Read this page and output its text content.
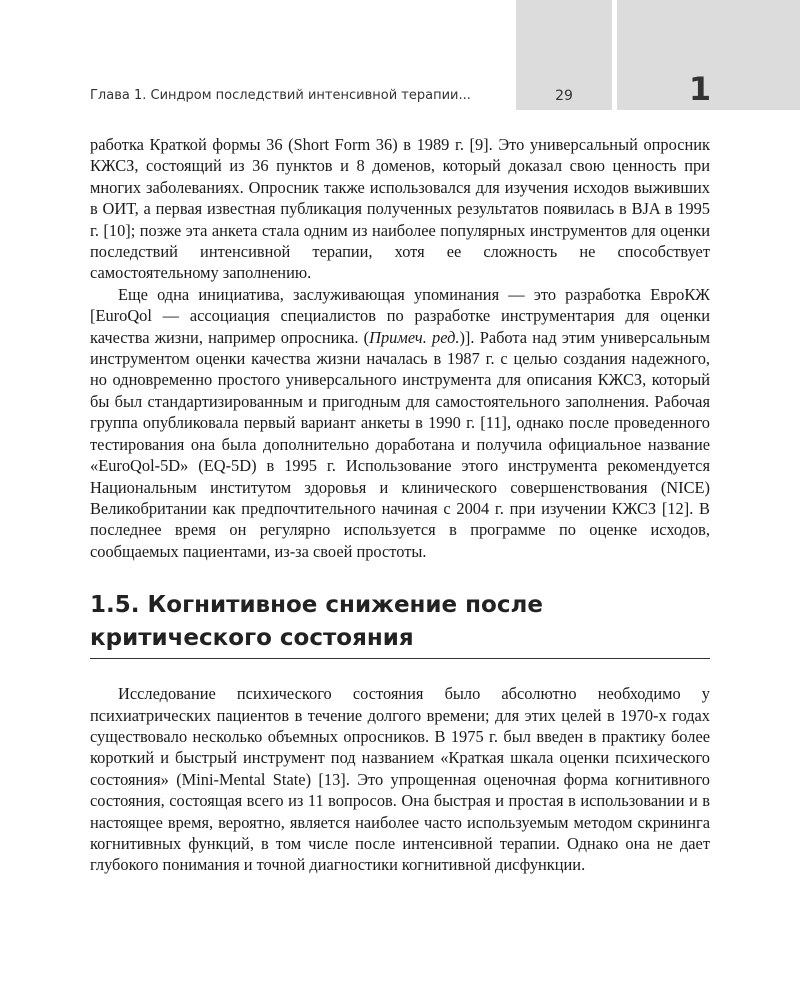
Глава 1. Синдром последствий интенсивной терапии...	29	1

работка Краткой формы 36 (Short Form 36) в 1989 г. [9]. Это универсальный опросник КЖСЗ, состоящий из 36 пунктов и 8 доменов, который доказал свою ценность при многих заболеваниях. Опросник также использовался для изучения исходов выживших в ОИТ, а первая известная публикация полученных результатов появилась в BJA в 1995 г. [10]; позже эта анкета стала одним из наиболее популярных инструментов для оценки последствий интенсивной терапии, хотя ее сложность не способствует самостоятельному заполнению.

Еще одна инициатива, заслуживающая упоминания — это разработка ЕвроКЖ [EuroQol — ассоциация специалистов по разработке инструментария для оценки качества жизни, например опросника. (Примеч. ред.)]. Работа над этим универсальным инструментом оценки качества жизни началась в 1987 г. с целью создания надежного, но одновременно простого универсального инструмента для описания КЖСЗ, который бы был стандартизированным и пригодным для самостоятельного заполнения. Рабочая группа опубликовала первый вариант анкеты в 1990 г. [11], однако после проведенного тестирования она была дополнительно доработана и получила официальное название «EuroQol-5D» (EQ-5D) в 1995 г. Использование этого инструмента рекомендуется Национальным институтом здоровья и клинического совершенствования (NICE) Великобритании как предпочтительного начиная с 2004 г. при изучении КЖСЗ [12]. В последнее время он регулярно используется в программе по оценке исходов, сообщаемых пациентами, из-за своей простоты.

1.5. Когнитивное снижение после
критического состояния

Исследование психического состояния было абсолютно необходимо у психиатрических пациентов в течение долгого времени; для этих целей в 1970-х годах существовало несколько объемных опросников. В 1975 г. был введен в практику более короткий и быстрый инструмент под названием «Краткая шкала оценки психического состояния» (Mini-Mental State) [13]. Это упрощенная оценочная форма когнитивного состояния, состоящая всего из 11 вопросов. Она быстрая и простая в использовании и в настоящее время, вероятно, является наиболее часто используемым методом скрининга когнитивных функций, в том числе после интенсивной терапии. Однако она не дает глубокого понимания и точной диагностики когнитивной дисфункции.
